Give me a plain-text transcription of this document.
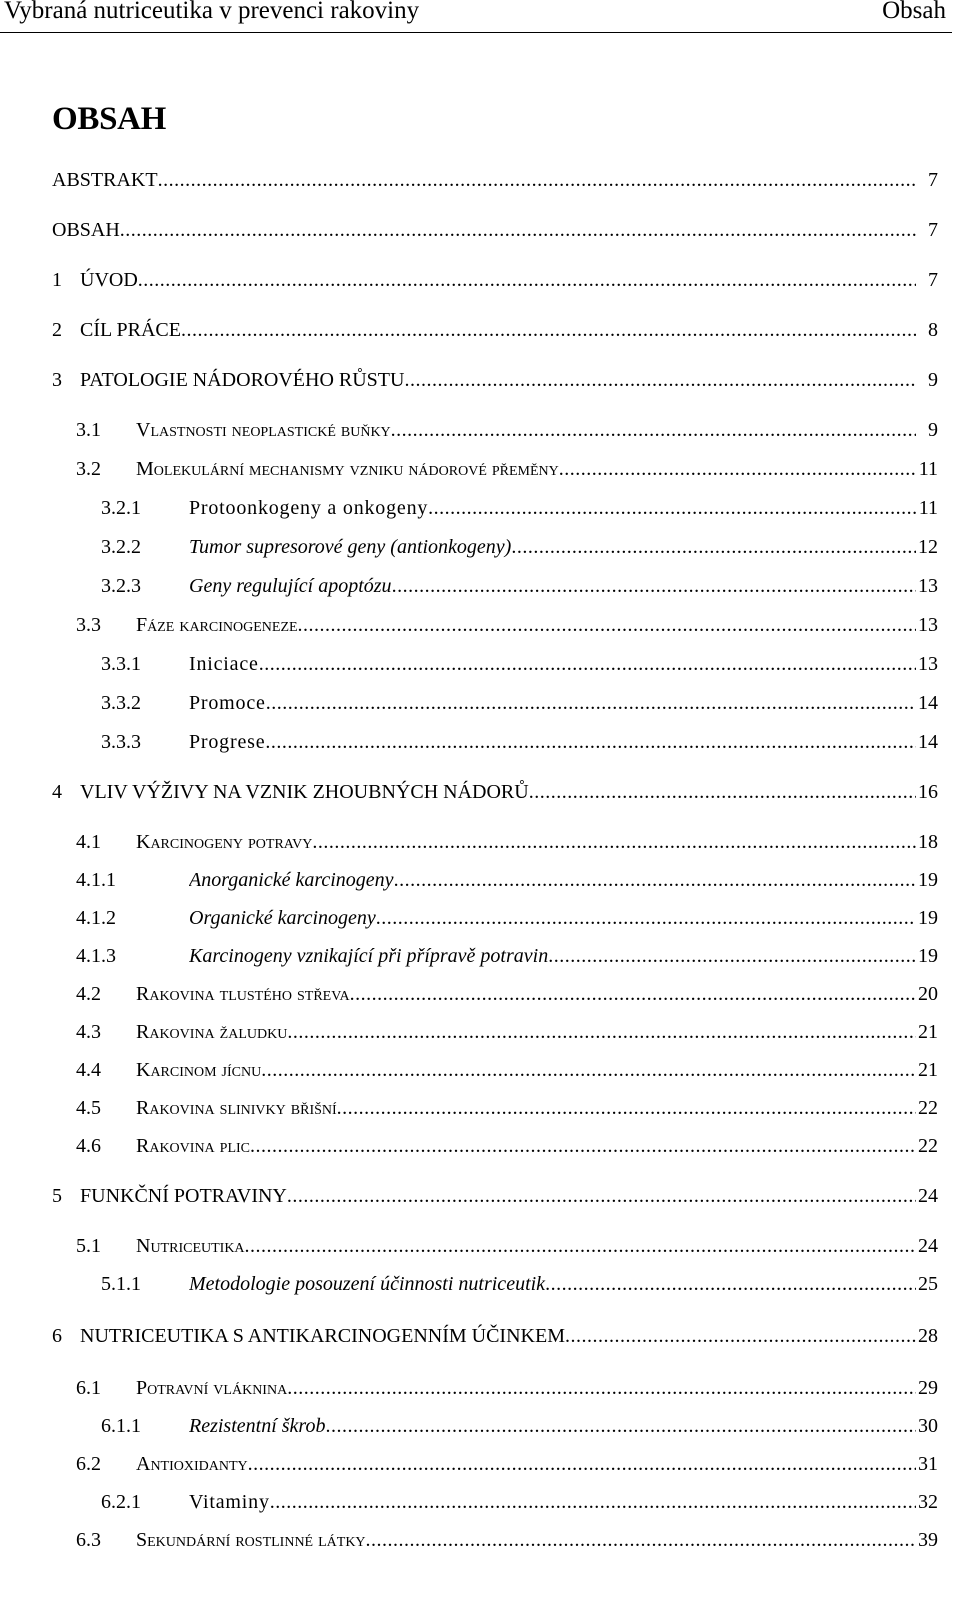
Vybraná nutriceutika v prevenci rakoviny	Obsah
OBSAH
ABSTRAKT .....	7
OBSAH .....	7
1 ÚVOD .....	7
2 CÍL PRÁCE .....	8
3 PATOLOGIE NÁDOROVÉHO RŮSTU .....	9
3.1 Vlastnosti neoplastické buňky .....	9
3.2 Molekulární mechanismy vzniku nádorové přeměny .....	11
3.2.1 Protoonkogeny a onkogeny .....	11
3.2.2 Tumor supresorové geny (antionkogeny) .....	12
3.2.3 Geny regulující apoptózu .....	13
3.3 Fáze karcinogeneze .....	13
3.3.1 Iniciace .....	13
3.3.2 Promoce .....	14
3.3.3 Progrese .....	14
4 VLIV VÝŽIVY NA VZNIK ZHOUBNÝCH NÁDORŮ .....	16
4.1 Karcinogeny potravy .....	18
4.1.1	Anorganické karcinogeny .....	19
4.1.2	Organické karcinogeny .....	19
4.1.3	Karcinogeny vznikající při přípravě potravin .....	19
4.2 Rakovina tlustého střeva .....	20
4.3 Rakovina žaludku .....	21
4.4 Karcinom jícnu .....	21
4.5 Rakovina slinivky břišní .....	22
4.6 Rakovina plic .....	22
5 FUNKČNÍ POTRAVINY .....	24
5.1 Nutriceutika .....	24
5.1.1 Metodologie posouzení účinnosti nutriceutik .....	25
6 NUTRICEUTIKA S ANTIKARCINOGENNÍM ÚČINKEM .....	28
6.1 Potravní vláknina .....	29
6.1.1 Rezistentní škrob .....	30
6.2 Antioxidanty .....	31
6.2.1 Vitaminy .....	32
6.3 Sekundární rostlinné látky .....	39
